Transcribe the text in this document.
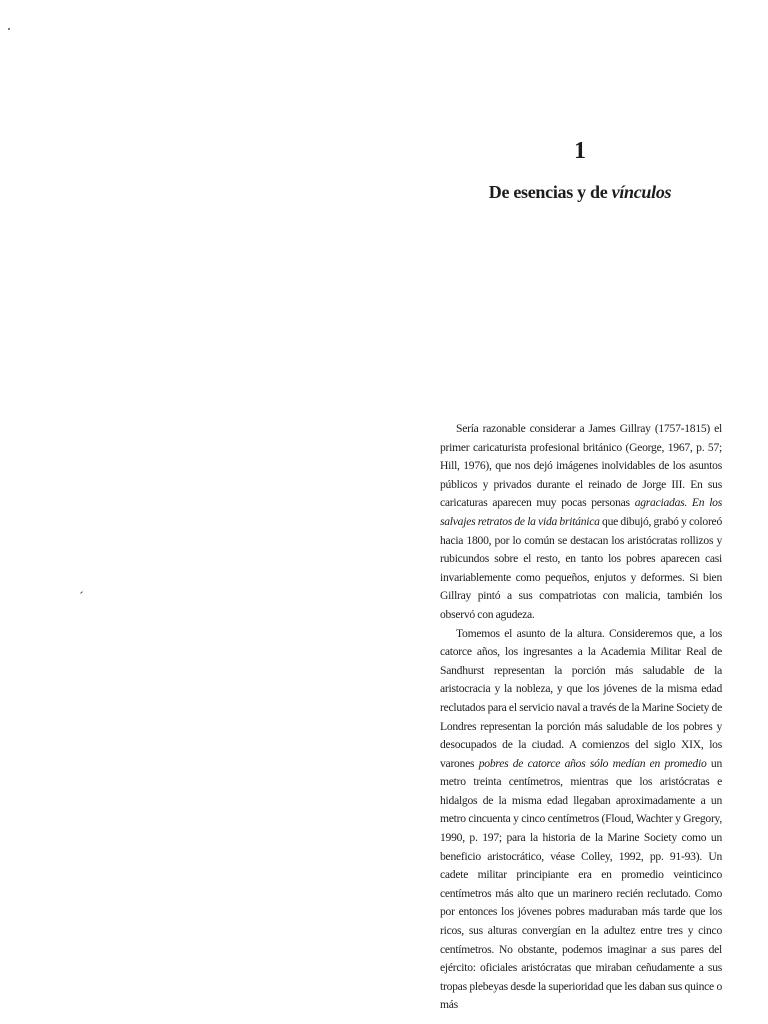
1
De esencias y de vínculos

Sería razonable considerar a James Gillray (1757-1815) el primer caricaturista profesional británico (George, 1967, p. 57; Hill, 1976), que nos dejó imágenes inolvidables de los asuntos públicos y privados durante el reinado de Jorge III. En sus caricaturas aparecen muy pocas personas agraciadas. En los salvajes retratos de la vida británica que dibujó, grabó y coloreó hacia 1800, por lo común se destacan los aristócratas rollizos y rubicundos sobre el resto, en tanto los pobres aparecen casi invariablemente como pequeños, enjutos y deformes. Si bien Gillray pintó a sus compatriotas con malicia, también los observó con agudeza.

Tomemos el asunto de la altura. Consideremos que, a los catorce años, los ingresantes a la Academia Militar Real de Sandhurst representan la porción más saludable de la aristocracia y la nobleza, y que los jóvenes de la misma edad reclutados para el servicio naval a través de la Marine Society de Londres representan la porción más saludable de los pobres y desocupados de la ciudad. A comienzos del siglo XIX, los varones pobres de catorce años sólo medían en promedio un metro treinta centímetros, mientras que los aristócratas e hidalgos de la misma edad llegaban aproximadamente a un metro cincuenta y cinco centímetros (Floud, Wachter y Gregory, 1990, p. 197; para la historia de la Marine Society como un beneficio aristocrático, véase Colley, 1992, pp. 91-93). Un cadete militar principiante era en promedio veinticinco centímetros más alto que un marinero recién reclutado. Como por entonces los jóvenes pobres maduraban más tarde que los ricos, sus alturas convergían en la adultez entre tres y cinco centímetros. No obstante, podemos imaginar a sus pares del ejército: oficiales aristócratas que miraban ceñudamente a sus tropas plebeyas desde la superioridad que les daban sus quince o más
